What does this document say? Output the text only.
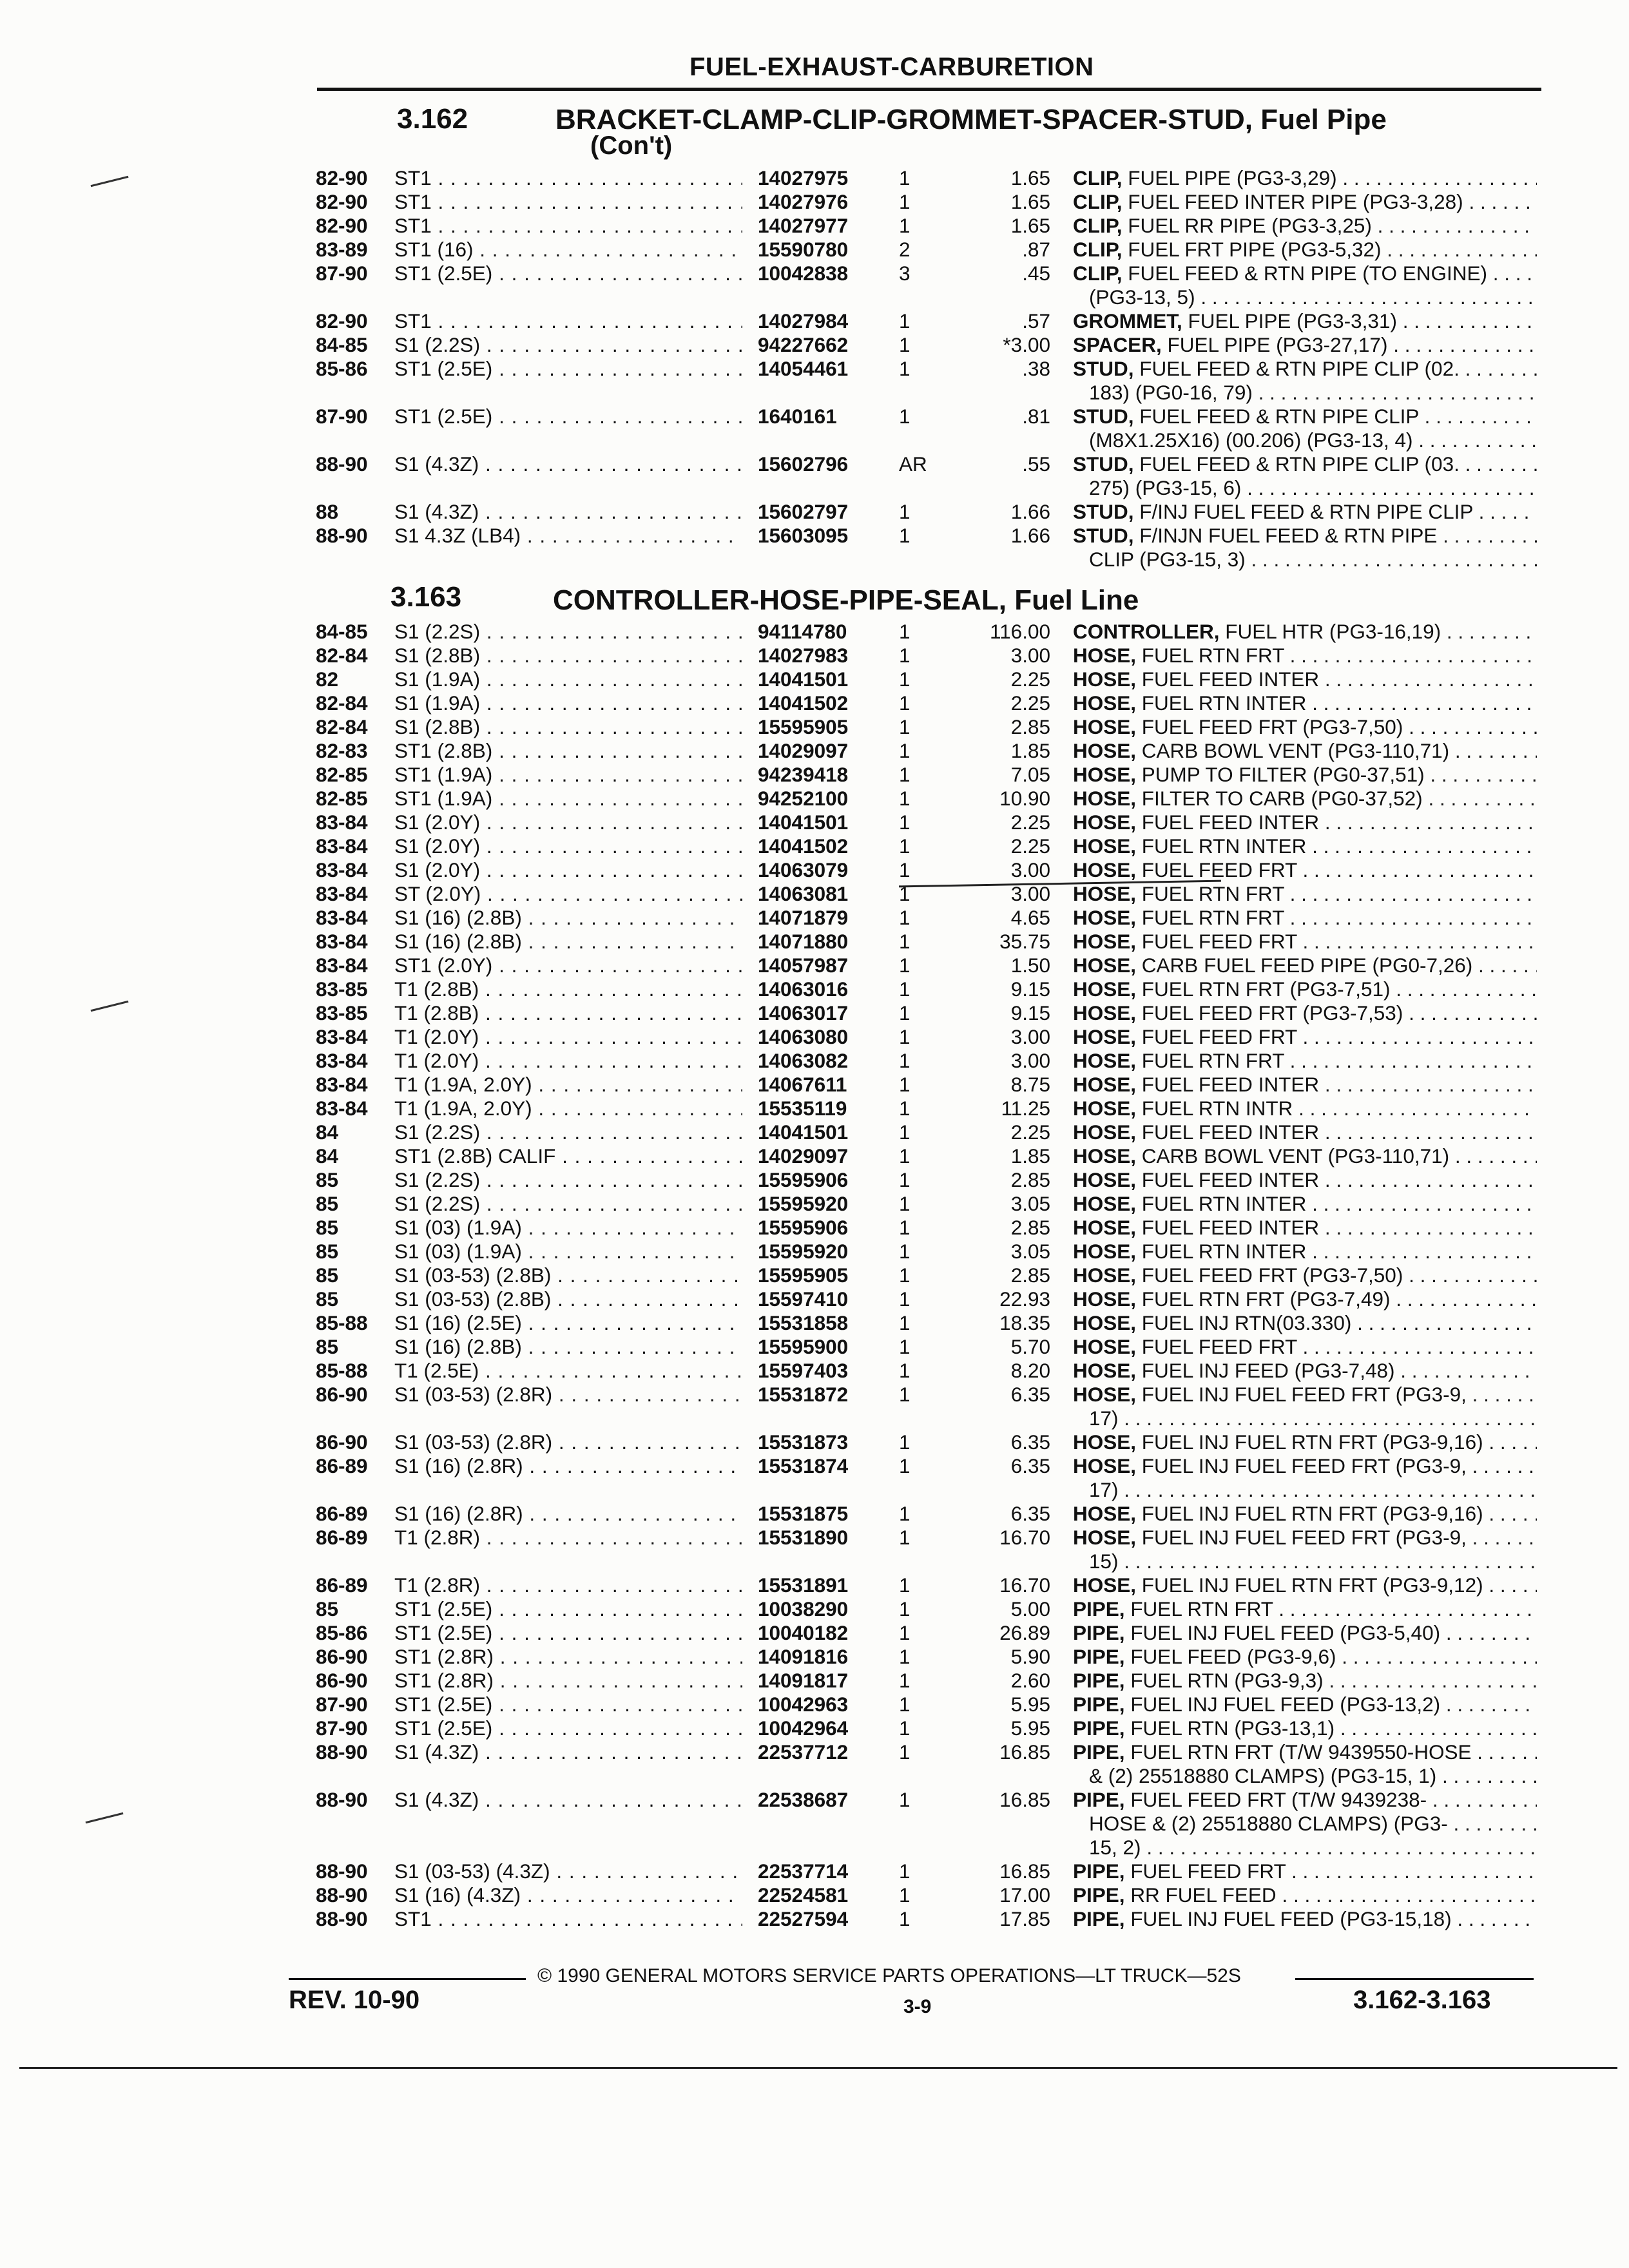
FUEL-EXHAUST-CARBURETION
3.162	BRACKET-CLAMP-CLIP-GROMMET-SPACER-STUD, Fuel Pipe
(Con't)
82-90 ST1 . . .	14027975	1	1.65 CLIP, FUEL PIPE (PG3-3,29) . . .
82-90 ST1 . . .	14027976	1	1.65 CLIP, FUEL FEED INTER PIPE (PG3-3,28) . . .
82-90 ST1 . . .	14027977	1	1.65 CLIP, FUEL RR PIPE (PG3-3,25) . . .
83-89 ST1 (16) . . .	15590780	2	.87 CLIP, FUEL FRT PIPE (PG3-5,32) . . .
87-90 ST1 (2.5E) . . .	10042838	3	.45 CLIP, FUEL FEED & RTN PIPE (TO ENGINE) . . .
(PG3-13, 5) . . .
82-90 ST1 . . .	14027984	1	.57 GROMMET, FUEL PIPE (PG3-3,31) . . .
84-85 S1 (2.2S) . . .	94227662	1	*3.00 SPACER, FUEL PIPE (PG3-27,17) . . .
85-86 ST1 (2.5E) . . .	14054461	1	.38 STUD, FUEL FEED & RTN PIPE CLIP (02. . . .
183) (PG0-16, 79) . . .
87-90 ST1 (2.5E) . . .	1640161	1	.81 STUD, FUEL FEED & RTN PIPE CLIP . . .
(M8X1.25X16) (00.206) (PG3-13, 4) . . .
88-90 S1 (4.3Z) . . .	15602796	AR	.55 STUD, FUEL FEED & RTN PIPE CLIP (03. . . .
275) (PG3-15, 6) . . .
88	S1 (4.3Z) . . .	15602797	1	1.66 STUD, F/INJ FUEL FEED & RTN PIPE CLIP . . .
88-90 S1 4.3Z (LB4) . . .	15603095	1	1.66 STUD, F/INJN FUEL FEED & RTN PIPE . . .
CLIP (PG3-15, 3) . . .
3.163	CONTROLLER-HOSE-PIPE-SEAL, Fuel Line
84-85 S1 (2.2S) . . .	94114780	1	116.00 CONTROLLER, FUEL HTR (PG3-16,19) . . .
82-84 S1 (2.8B) . . .	14027983	1	3.00 HOSE, FUEL RTN FRT . . .
82	S1 (1.9A) . . .	14041501	1	2.25 HOSE, FUEL FEED INTER . . .
82-84 S1 (1.9A) . . .	14041502	1	2.25 HOSE, FUEL RTN INTER . . .
82-84 S1 (2.8B) . . .	15595905	1	2.85 HOSE, FUEL FEED FRT (PG3-7,50) . . .
82-83 ST1 (2.8B) . . .	14029097	1	1.85 HOSE, CARB BOWL VENT (PG3-110,71) . . .
82-85 ST1 (1.9A) . . .	94239418	1	7.05 HOSE, PUMP TO FILTER (PG0-37,51) . . .
82-85 ST1 (1.9A) . . .	94252100	1	10.90 HOSE, FILTER TO CARB (PG0-37,52) . . .
83-84 S1 (2.0Y) . . .	14041501	1	2.25 HOSE, FUEL FEED INTER . . .
83-84 S1 (2.0Y) . . .	14041502	1	2.25 HOSE, FUEL RTN INTER . . .
83-84 S1 (2.0Y) . . .	14063079	1	3.00 HOSE, FUEL FEED FRT . . .
83-84 ST (2.0Y) . . .	14063081	1	3.00 HOSE, FUEL RTN FRT . . .
83-84 S1 (16) (2.8B) . . .	14071879	1	4.65 HOSE, FUEL RTN FRT . . .
83-84 S1 (16) (2.8B) . . .	14071880	1	35.75 HOSE, FUEL FEED FRT . . .
83-84 ST1 (2.0Y) . . .	14057987	1	1.50 HOSE, CARB FUEL FEED PIPE (PG0-7,26) . . .
83-85 T1 (2.8B) . . .	14063016	1	9.15 HOSE, FUEL RTN FRT (PG3-7,51) . . .
83-85 T1 (2.8B) . . .	14063017	1	9.15 HOSE, FUEL FEED FRT (PG3-7,53) . . .
83-84 T1 (2.0Y) . . .	14063080	1	3.00 HOSE, FUEL FEED FRT . . .
83-84 T1 (2.0Y) . . .	14063082	1	3.00 HOSE, FUEL RTN FRT . . .
83-84 T1 (1.9A, 2.0Y) . . .	14067611	1	8.75 HOSE, FUEL FEED INTER . . .
83-84 T1 (1.9A, 2.0Y) . . .	15535119	1	11.25 HOSE, FUEL RTN INTR . . .
84	S1 (2.2S) . . .	14041501	1	2.25 HOSE, FUEL FEED INTER . . .
84	ST1 (2.8B) CALIF . . .	14029097	1	1.85 HOSE, CARB BOWL VENT (PG3-110,71) . . .
85	S1 (2.2S) . . .	15595906	1	2.85 HOSE, FUEL FEED INTER . . .
85	S1 (2.2S) . . .	15595920	1	3.05 HOSE, FUEL RTN INTER . . .
85	S1 (03) (1.9A) . . .	15595906	1	2.85 HOSE, FUEL FEED INTER . . .
85	S1 (03) (1.9A) . . .	15595920	1	3.05 HOSE, FUEL RTN INTER . . .
85	S1 (03-53) (2.8B) . . .	15595905	1	2.85 HOSE, FUEL FEED FRT (PG3-7,50) . . .
85	S1 (03-53) (2.8B) . . .	15597410	1	22.93 HOSE, FUEL RTN FRT (PG3-7,49) . . .
85-88 S1 (16) (2.5E) . . .	15531858	1	18.35 HOSE, FUEL INJ RTN(03.330) . . .
85	S1 (16) (2.8B) . . .	15595900	1	5.70 HOSE, FUEL FEED FRT . . .
85-88 T1 (2.5E) . . .	15597403	1	8.20 HOSE, FUEL INJ FEED (PG3-7,48) . . .
86-90 S1 (03-53) (2.8R) . . .	15531872	1	6.35 HOSE, FUEL INJ FUEL FEED FRT (PG3-9, . . .
17) . . .
86-90 S1 (03-53) (2.8R) . . .	15531873	1	6.35 HOSE, FUEL INJ FUEL RTN FRT (PG3-9,16) . . .
86-89 S1 (16) (2.8R) . . .	15531874	1	6.35 HOSE, FUEL INJ FUEL FEED FRT (PG3-9, . . .
17) . . .
86-89 S1 (16) (2.8R) . . .	15531875	1	6.35 HOSE, FUEL INJ FUEL RTN FRT (PG3-9,16) . . .
86-89 T1 (2.8R) . . .	15531890	1	16.70 HOSE, FUEL INJ FUEL FEED FRT (PG3-9, . . .
15) . . .
86-89 T1 (2.8R) . . .	15531891	1	16.70 HOSE, FUEL INJ FUEL RTN FRT (PG3-9,12) . . .
85	ST1 (2.5E) . . .	10038290	1	5.00 PIPE, FUEL RTN FRT . . .
85-86 ST1 (2.5E) . . .	10040182	1	26.89 PIPE, FUEL INJ FUEL FEED (PG3-5,40) . . .
86-90 ST1 (2.8R) . . .	14091816	1	5.90 PIPE, FUEL FEED (PG3-9,6) . . .
86-90 ST1 (2.8R) . . .	14091817	1	2.60 PIPE, FUEL RTN (PG3-9,3) . . .
87-90 ST1 (2.5E) . . .	10042963	1	5.95 PIPE, FUEL INJ FUEL FEED (PG3-13,2) . . .
87-90 ST1 (2.5E) . . .	10042964	1	5.95 PIPE, FUEL RTN (PG3-13,1) . . .
88-90 S1 (4.3Z) . . .	22537712	1	16.85 PIPE, FUEL RTN FRT (T/W 9439550-HOSE . . .
& (2) 25518880 CLAMPS) (PG3-15, 1) . . .
88-90 S1 (4.3Z) . . .	22538687	1	16.85 PIPE, FUEL FEED FRT (T/W 9439238- . . .
HOSE & (2) 25518880 CLAMPS) (PG3- . . .
15, 2) . . .
88-90 S1 (03-53) (4.3Z) . . .	22537714	1	16.85 PIPE, FUEL FEED FRT . . .
88-90 S1 (16) (4.3Z) . . .	22524581	1	17.00 PIPE, RR FUEL FEED . . .
88-90 ST1 . . .	22527594	1	17.85 PIPE, FUEL INJ FUEL FEED (PG3-15,18) . . .
© 1990 GENERAL MOTORS SERVICE PARTS OPERATIONS—LT TRUCK—52S
REV. 10-90	3-9	3.162-3.163
